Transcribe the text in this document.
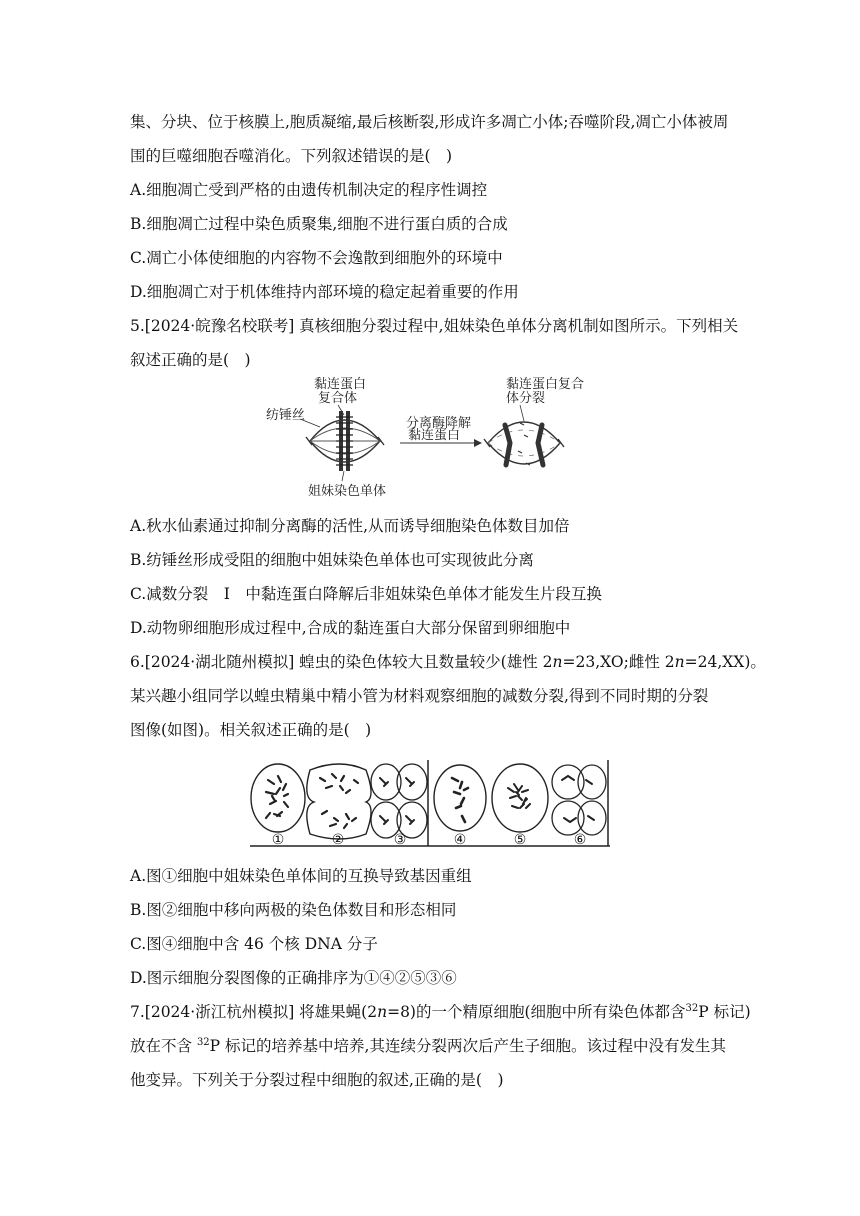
集、分块、位于核膜上,胞质凝缩,最后核断裂,形成许多凋亡小体;吞噬阶段,凋亡小体被周
围的巨噬细胞吞噬消化。下列叙述错误的是(　)
A.细胞凋亡受到严格的由遗传机制决定的程序性调控
B.细胞凋亡过程中染色质聚集,细胞不进行蛋白质的合成
C.凋亡小体使细胞的内容物不会逸散到细胞外的环境中
D.细胞凋亡对于机体维持内部环境的稳定起着重要的作用
5.[2024·皖豫名校联考] 真核细胞分裂过程中,姐妹染色单体分离机制如图所示。下列相关
叙述正确的是(　)
黏连蛋白
复合体
纺锤丝
姐妹染色单体
分离酶降解
黏连蛋白
黏连蛋白复合
体分裂
A.秋水仙素通过抑制分离酶的活性,从而诱导细胞染色体数目加倍
B.纺锤丝形成受阻的细胞中姐妹染色单体也可实现彼此分离
C.减数分裂　Ⅰ　中黏连蛋白降解后非姐妹染色单体才能发生片段互换
D.动物卵细胞形成过程中,合成的黏连蛋白大部分保留到卵细胞中
6.[2024·湖北随州模拟] 蝗虫的染色体较大且数量较少(雄性 2n=23,XO;雌性 2n=24,XX)。
某兴趣小组同学以蝗虫精巢中精小管为材料观察细胞的减数分裂,得到不同时期的分裂
图像(如图)。相关叙述正确的是(　)
①	②	③	④	⑤	⑥
A.图①细胞中姐妹染色单体间的互换导致基因重组
B.图②细胞中移向两极的染色体数目和形态相同
C.图④细胞中含 46 个核 DNA 分子
D.图示细胞分裂图像的正确排序为①④②⑤③⑥
7.[2024·浙江杭州模拟] 将雄果蝇(2n=8)的一个精原细胞(细胞中所有染色体都含$^{32}$P 标记)
放在不含 $^{32}$P 标记的培养基中培养,其连续分裂两次后产生子细胞。该过程中没有发生其
他变异。下列关于分裂过程中细胞的叙述,正确的是(　)
